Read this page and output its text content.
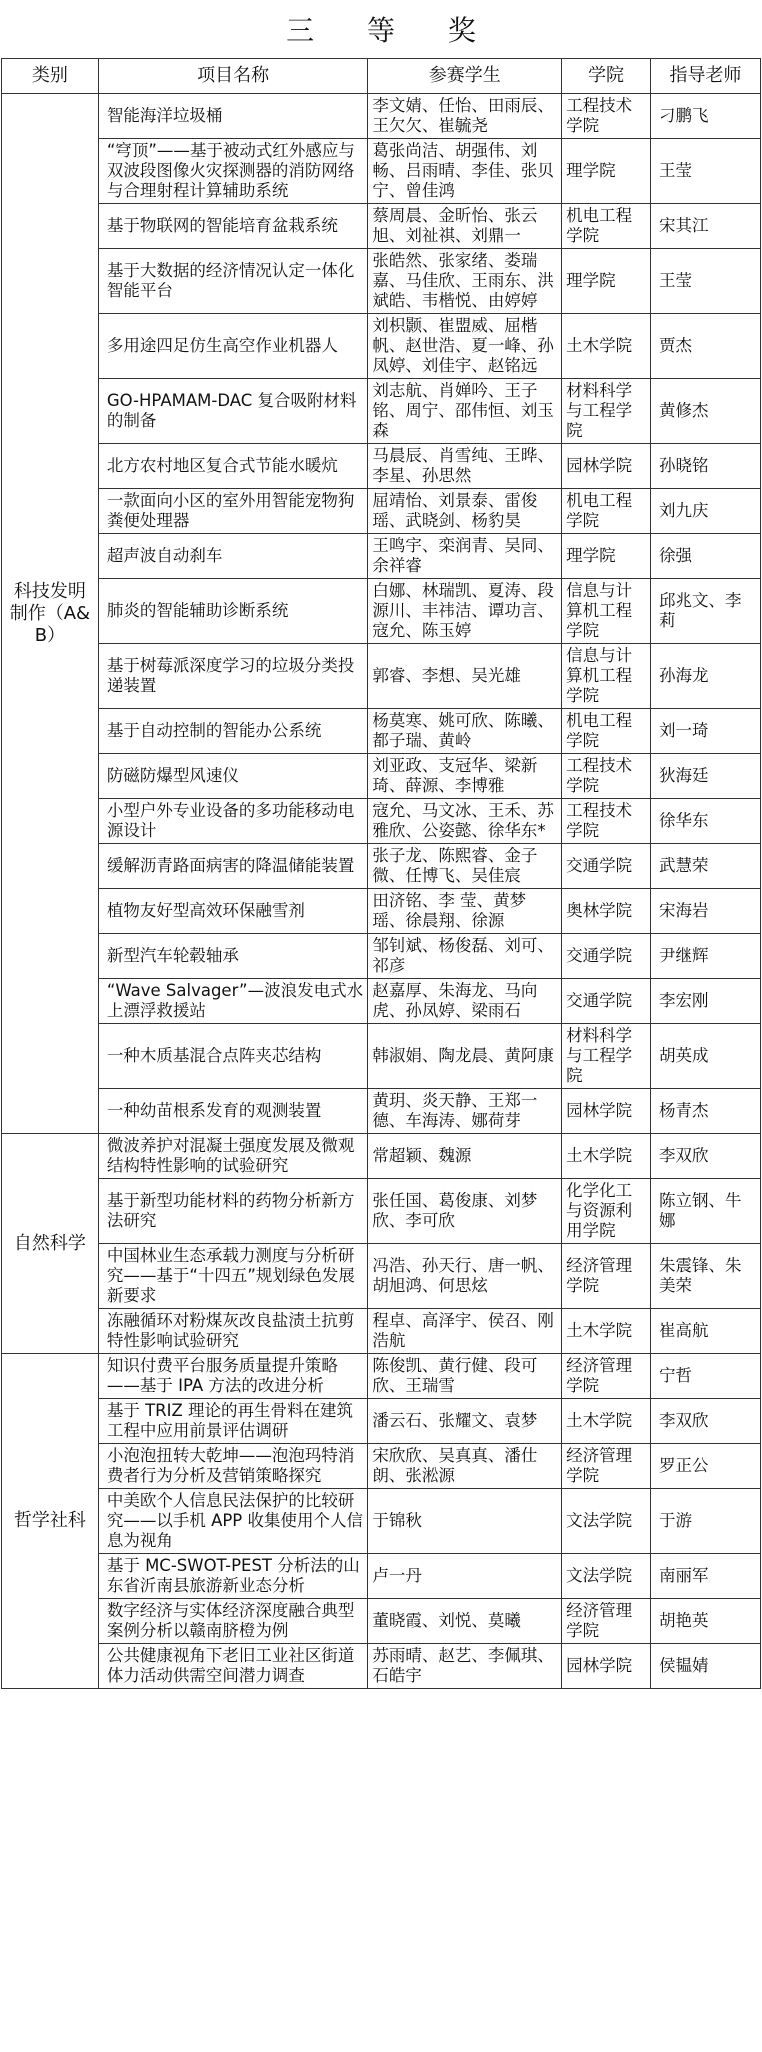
三 等 奖
类别	项目名称	参赛学生	学院	指导老师
科技发明制作（A&B）	智能海洋垃圾桶	李文婧、任怡、田雨辰、王欠欠、崔毓尧	工程技术学院	刁鹏飞
	“穹顶”——基于被动式红外感应与双波段图像火灾探测器的消防网络与合理射程计算辅助系统	葛张尚洁、胡强伟、刘畅、吕雨晴、李佳、张贝宁、曾佳鸿	理学院	王莹
	基于物联网的智能培育盆栽系统	蔡周晨、金昕怡、张云旭、刘祉祺、刘鼎一	机电工程学院	宋其江
	基于大数据的经济情况认定一体化智能平台	张皓然、张家绪、娄瑞嘉、马佳欣、王雨东、洪斌皓、韦楷悦、由婷婷	理学院	王莹
	多用途四足仿生高空作业机器人	刘枳颢、崔盟威、屈楷帆、赵世浩、夏一峰、孙凤婷、刘佳宇、赵铭远	土木学院	贾杰
	GO-HPAMAM-DAC 复合吸附材料的制备	刘志航、肖婵吟、王子铭、周宁、邵伟恒、刘玉森	材料科学与工程学院	黄修杰
	北方农村地区复合式节能水暖炕	马晨辰、肖雪纯、王晔、李星、孙思然	园林学院	孙晓铭
	一款面向小区的室外用智能宠物狗粪便处理器	屈靖怡、刘景泰、雷俊瑶、武晓剑、杨豹昊	机电工程学院	刘九庆
	超声波自动刹车	王鸣宇、栾润青、吴同、余祥睿	理学院	徐强
	肺炎的智能辅助诊断系统	白娜、林瑞凯、夏涛、段源川、丰祎洁、谭功言、寇允、陈玉婷	信息与计算机工程学院	邱兆文、李莉
	基于树莓派深度学习的垃圾分类投递装置	郭睿、李想、吴光雄	信息与计算机工程学院	孙海龙
	基于自动控制的智能办公系统	杨莫寒、姚可欣、陈曦、都子瑞、黄岭	机电工程学院	刘一琦
	防磁防爆型风速仪	刘亚政、支冠华、梁新琦、薛源、李博雅	工程技术学院	狄海廷
	小型户外专业设备的多功能移动电源设计	寇允、马文冰、王禾、苏雅欣、公姿懿、徐华东*	工程技术学院	徐华东
	缓解沥青路面病害的降温储能装置	张子龙、陈熙睿、金子微、任博飞、吴佳宸	交通学院	武慧荣
	植物友好型高效环保融雪剂	田济铭、李 莹、黄梦瑶、徐晨翔、徐源	奥林学院	宋海岩
	新型汽车轮毂轴承	邹钊斌、杨俊磊、刘可、祁彦	交通学院	尹继辉
	“Wave Salvager”—波浪发电式水上漂浮救援站	赵嘉厚、朱海龙、马向虎、孙凤婷、梁雨石	交通学院	李宏刚
	一种木质基混合点阵夹芯结构	韩淑娟、陶龙晨、黄阿康	材料科学与工程学院	胡英成
	一种幼苗根系发育的观测装置	黄玥、炎天静、王郑一德、车海涛、娜荷芽	园林学院	杨青杰
自然科学	微波养护对混凝土强度发展及微观结构特性影响的试验研究	常超颖、魏源	土木学院	李双欣
	基于新型功能材料的药物分析新方法研究	张任国、葛俊康、刘梦欣、李可欣	化学化工与资源利用学院	陈立钢、牛娜
	中国林业生态承载力测度与分析研究——基于“十四五”规划绿色发展新要求	冯浩、孙天行、唐一帆、胡旭鸿、何思炫	经济管理学院	朱震锋、朱美荣
	冻融循环对粉煤灰改良盐渍土抗剪特性影响试验研究	程卓、高泽宇、侯召、刚浩航	土木学院	崔高航
哲学社科	知识付费平台服务质量提升策略——基于 IPA 方法的改进分析	陈俊凯、黄行健、段可欣、王瑞雪	经济管理学院	宁哲
	基于 TRIZ 理论的再生骨料在建筑工程中应用前景评估调研	潘云石、张耀文、袁梦	土木学院	李双欣
	小泡泡扭转大乾坤——泡泡玛特消费者行为分析及营销策略探究	宋欣欣、吴真真、潘仕朗、张淞源	经济管理学院	罗正公
	中美欧个人信息民法保护的比较研究——以手机 APP 收集使用个人信息为视角	于锦秋	文法学院	于游
	基于 MC-SWOT-PEST 分析法的山东省沂南县旅游新业态分析	卢一丹	文法学院	南丽军
	数字经济与实体经济深度融合典型案例分析以赣南脐橙为例	董晓霞、刘悦、莫曦	经济管理学院	胡艳英
	公共健康视角下老旧工业社区街道体力活动供需空间潜力调查	苏雨晴、赵艺、李佩琪、石皓宇	园林学院	侯韫婧
